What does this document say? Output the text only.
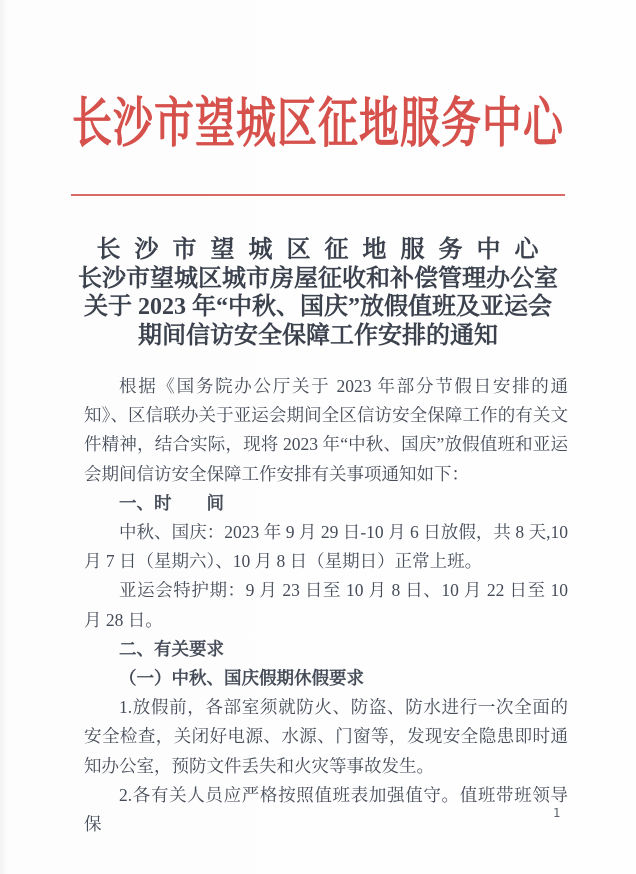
长沙市望城区征地服务中心
长 沙 市 望 城 区 征 地 服 务 中 心
长沙市望城区城市房屋征收和补偿管理办公室
关于 2023 年“中秋、国庆”放假值班及亚运会
期间信访安全保障工作安排的通知

根据《国务院办公厅关于 2023 年部分节假日安排的通知》、区信联办关于亚运会期间全区信访安全保障工作的有关文件精神，结合实际，现将 2023 年“中秋、国庆”放假值班和亚运会期间信访安全保障工作安排有关事项通知如下：

一、时　　间

中秋、国庆：2023 年 9 月 29 日-10 月 6 日放假，共 8 天,10 月 7 日（星期六）、10 月 8 日（星期日）正常上班。

亚运会特护期：9 月 23 日至 10 月 8 日、10 月 22 日至 10 月 28 日。

二、有关要求

（一）中秋、国庆假期休假要求

1.放假前，各部室须就防火、防盗、防水进行一次全面的安全检查，关闭好电源、水源、门窗等，发现安全隐患即时通知办公室，预防文件丢失和火灾等事故发生。

2.各有关人员应严格按照值班表加强值守。值班带班领导保

1
